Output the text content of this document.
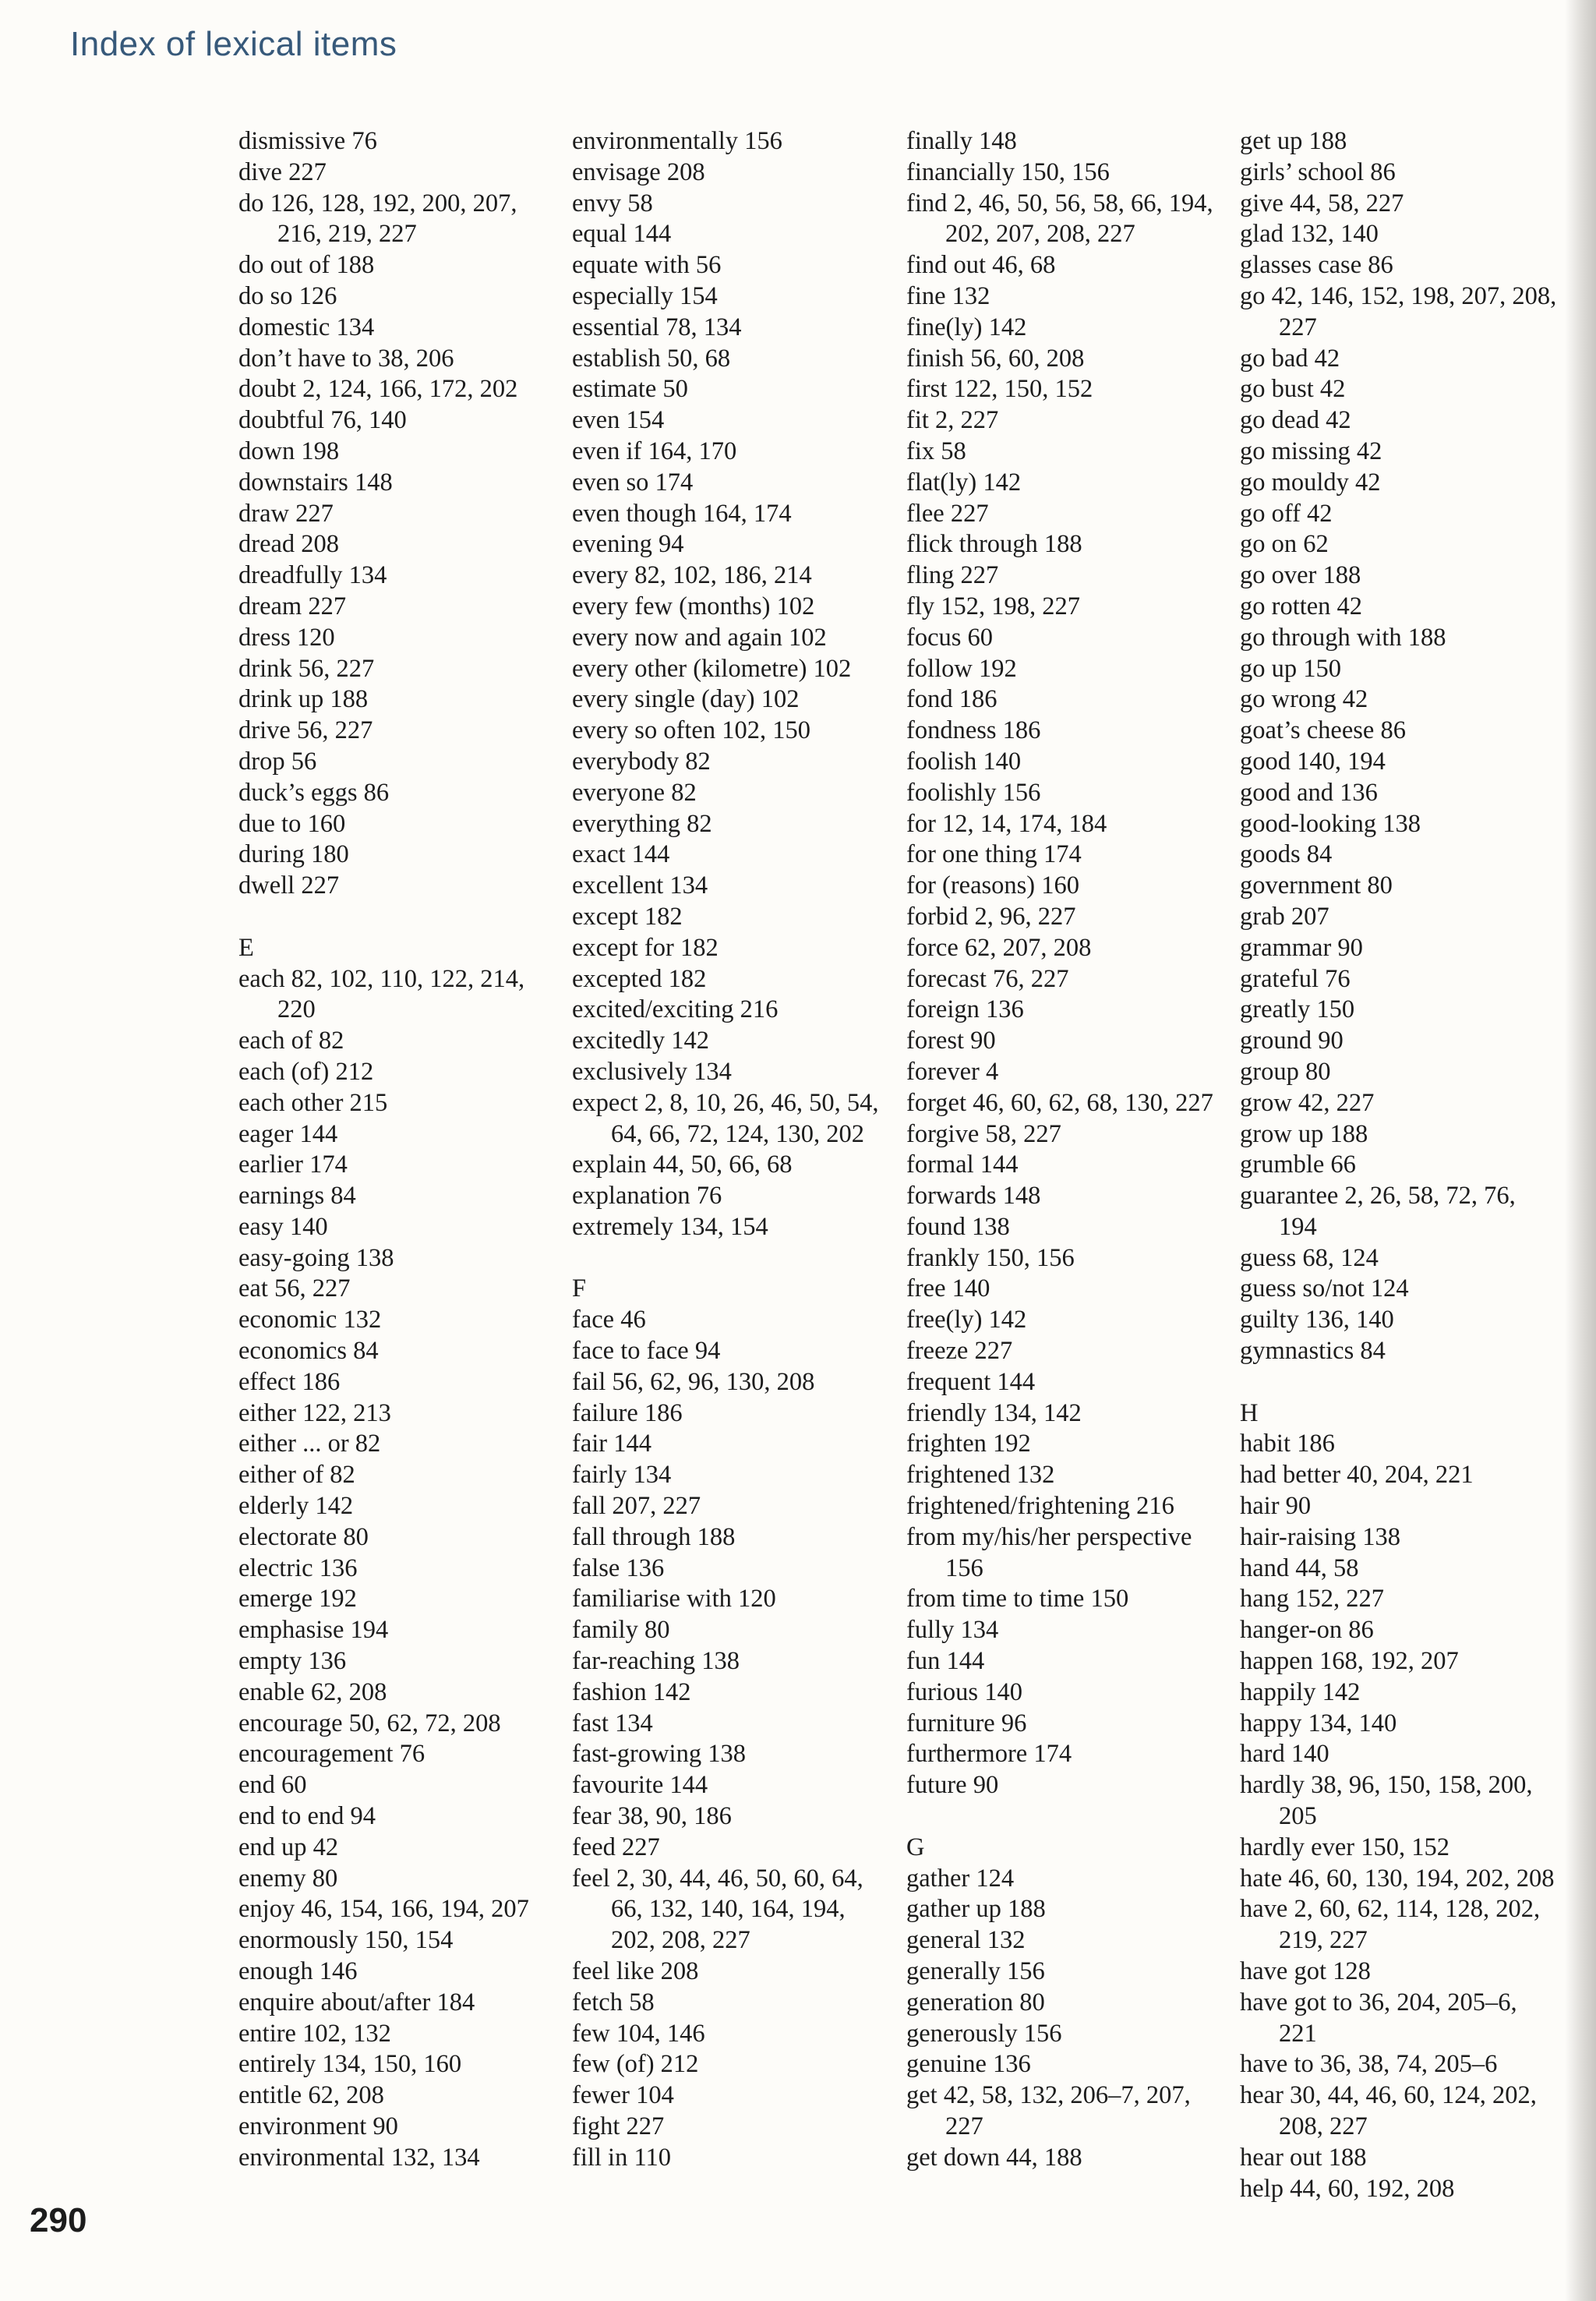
Index of lexical items
dismissive 76
dive 227
do 126, 128, 192, 200, 207, 216, 219, 227
do out of 188
do so 126
domestic 134
don’t have to 38, 206
doubt 2, 124, 166, 172, 202
doubtful 76, 140
down 198
downstairs 148
draw 227
dread 208
dreadfully 134
dream 227
dress 120
drink 56, 227
drink up 188
drive 56, 227
drop 56
duck’s eggs 86
due to 160
during 180
dwell 227
E
each 82, 102, 110, 122, 214, 220
each of 82
each (of) 212
each other 215
eager 144
earlier 174
earnings 84
easy 140
easy-going 138
eat 56, 227
economic 132
economics 84
effect 186
either 122, 213
either ... or 82
either of 82
elderly 142
electorate 80
electric 136
emerge 192
emphasise 194
empty 136
enable 62, 208
encourage 50, 62, 72, 208
encouragement 76
end 60
end to end 94
end up 42
enemy 80
enjoy 46, 154, 166, 194, 207
enormously 150, 154
enough 146
enquire about/after 184
entire 102, 132
entirely 134, 150, 160
entitle 62, 208
environment 90
environmental 132, 134
environmentally 156
envisage 208
envy 58
equal 144
equate with 56
especially 154
essential 78, 134
establish 50, 68
estimate 50
even 154
even if 164, 170
even so 174
even though 164, 174
evening 94
every 82, 102, 186, 214
every few (months) 102
every now and again 102
every other (kilometre) 102
every single (day) 102
every so often 102, 150
everybody 82
everyone 82
everything 82
exact 144
excellent 134
except 182
except for 182
excepted 182
excited/exciting 216
excitedly 142
exclusively 134
expect 2, 8, 10, 26, 46, 50, 54, 64, 66, 72, 124, 130, 202
explain 44, 50, 66, 68
explanation 76
extremely 134, 154
F
face 46
face to face 94
fail 56, 62, 96, 130, 208
failure 186
fair 144
fairly 134
fall 207, 227
fall through 188
false 136
familiarise with 120
family 80
far-reaching 138
fashion 142
fast 134
fast-growing 138
favourite 144
fear 38, 90, 186
feed 227
feel 2, 30, 44, 46, 50, 60, 64, 66, 132, 140, 164, 194, 202, 208, 227
feel like 208
fetch 58
few 104, 146
few (of) 212
fewer 104
fight 227
fill in 110
finally 148
financially 150, 156
find 2, 46, 50, 56, 58, 66, 194, 202, 207, 208, 227
find out 46, 68
fine 132
fine(ly) 142
finish 56, 60, 208
first 122, 150, 152
fit 2, 227
fix 58
flat(ly) 142
flee 227
flick through 188
fling 227
fly 152, 198, 227
focus 60
follow 192
fond 186
fondness 186
foolish 140
foolishly 156
for 12, 14, 174, 184
for one thing 174
for (reasons) 160
forbid 2, 96, 227
force 62, 207, 208
forecast 76, 227
foreign 136
forest 90
forever 4
forget 46, 60, 62, 68, 130, 227
forgive 58, 227
formal 144
forwards 148
found 138
frankly 150, 156
free 140
free(ly) 142
freeze 227
frequent 144
friendly 134, 142
frighten 192
frightened 132
frightened/frightening 216
from my/his/her perspective 156
from time to time 150
fully 134
fun 144
furious 140
furniture 96
furthermore 174
future 90
G
gather 124
gather up 188
general 132
generally 156
generation 80
generously 156
genuine 136
get 42, 58, 132, 206–7, 207, 227
get down 44, 188
get up 188
girls’ school 86
give 44, 58, 227
glad 132, 140
glasses case 86
go 42, 146, 152, 198, 207, 208, 227
go bad 42
go bust 42
go dead 42
go missing 42
go mouldy 42
go off 42
go on 62
go over 188
go rotten 42
go through with 188
go up 150
go wrong 42
goat’s cheese 86
good 140, 194
good and 136
good-looking 138
goods 84
government 80
grab 207
grammar 90
grateful 76
greatly 150
ground 90
group 80
grow 42, 227
grow up 188
grumble 66
guarantee 2, 26, 58, 72, 76, 194
guess 68, 124
guess so/not 124
guilty 136, 140
gymnastics 84
H
habit 186
had better 40, 204, 221
hair 90
hair-raising 138
hand 44, 58
hang 152, 227
hanger-on 86
happen 168, 192, 207
happily 142
happy 134, 140
hard 140
hardly 38, 96, 150, 158, 200, 205
hardly ever 150, 152
hate 46, 60, 130, 194, 202, 208
have 2, 60, 62, 114, 128, 202, 219, 227
have got 128
have got to 36, 204, 205–6, 221
have to 36, 38, 74, 205–6
hear 30, 44, 46, 60, 124, 202, 208, 227
hear out 188
help 44, 60, 192, 208
290
